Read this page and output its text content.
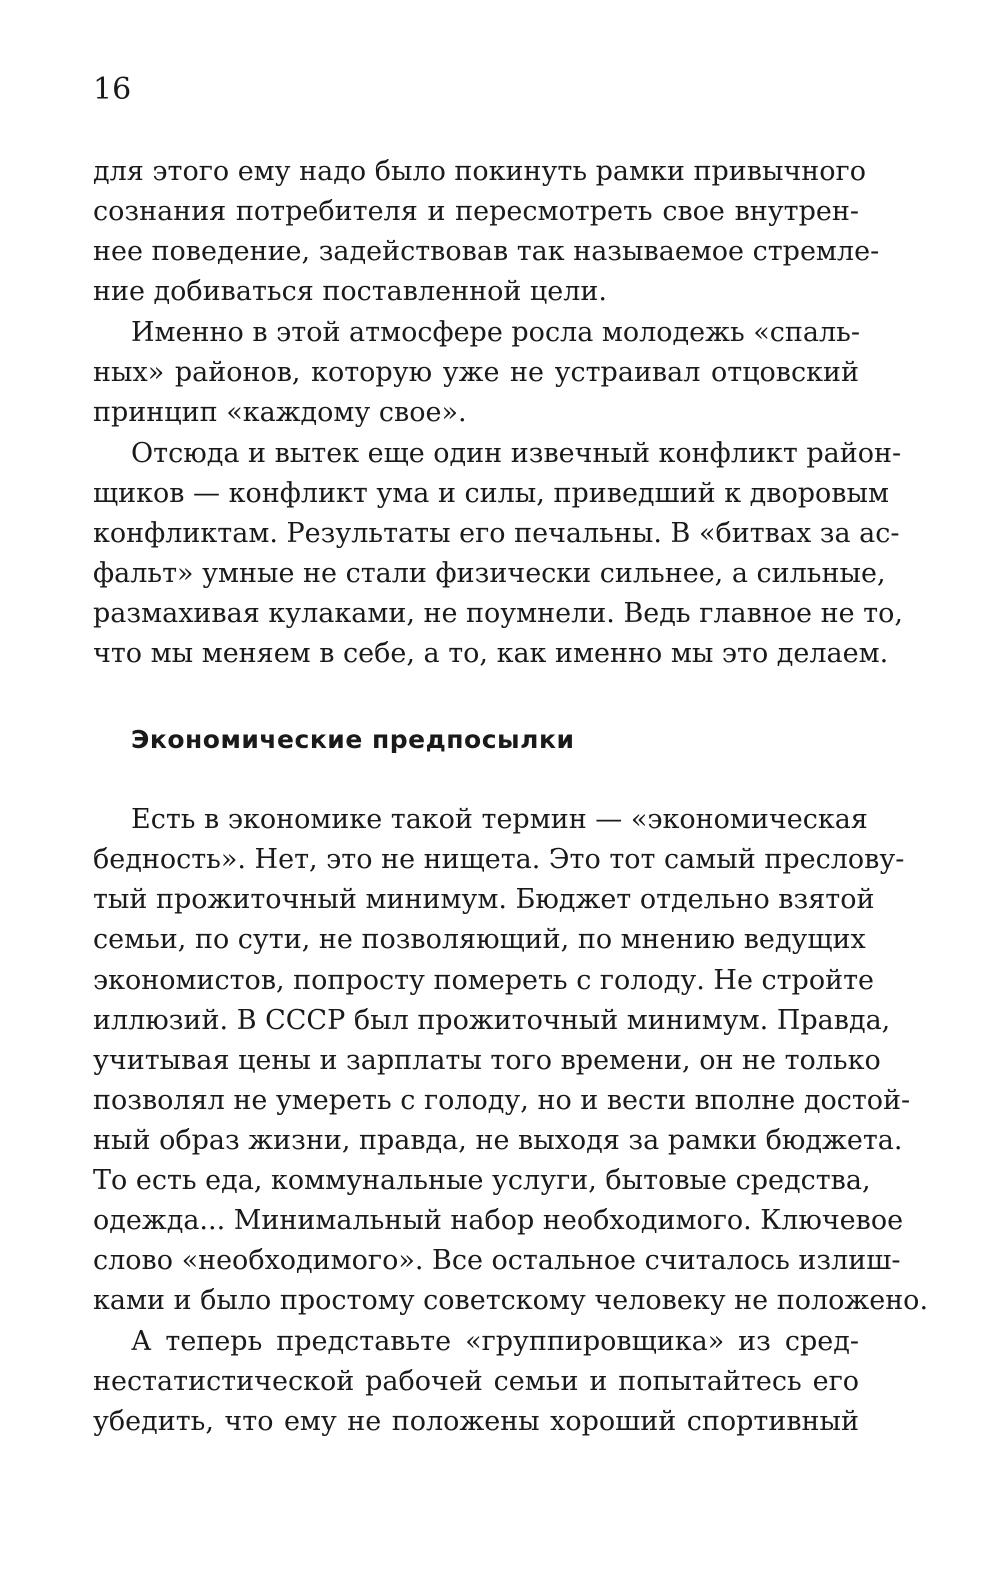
16

для этого ему надо было покинуть рамки привычного

сознания потребителя и пересмотреть свое внутрен-

нее поведение, задействовав так называемое стремле-

ние добиваться поставленной цели.

Именно в этой атмосфере росла молодежь «спаль-

ных» районов, которую уже не устраивал отцовский

принцип «каждому свое».

Отсюда и вытек еще один извечный конфликт район-

щиков — конфликт ума и силы, приведший к дворовым

конфликтам. Результаты его печальны. В «битвах за ас-

фальт» умные не стали физически сильнее, а сильные,

размахивая кулаками, не поумнели. Ведь главное не то,

что мы меняем в себе, а то, как именно мы это делаем.

Экономические предпосылки

Есть в экономике такой термин — «экономическая

бедность». Нет, это не нищета. Это тот самый преслову-

тый прожиточный минимум. Бюджет отдельно взятой

семьи, по сути, не позволяющий, по мнению ведущих

экономистов, попросту помереть с голоду. Не стройте

иллюзий. В СССР был прожиточный минимум. Правда,

учитывая цены и зарплаты того времени, он не только

позволял не умереть с голоду, но и вести вполне достой-

ный образ жизни, правда, не выходя за рамки бюджета.

То есть еда, коммунальные услуги, бытовые средства,

одежда... Минимальный набор необходимого. Ключевое

слово «необходимого». Все остальное считалось излиш-

ками и было простому советскому человеку не положено.

А теперь представьте «группировщика» из сред-

нестатистической рабочей семьи и попытайтесь его

убедить, что ему не положены хороший спортивный
